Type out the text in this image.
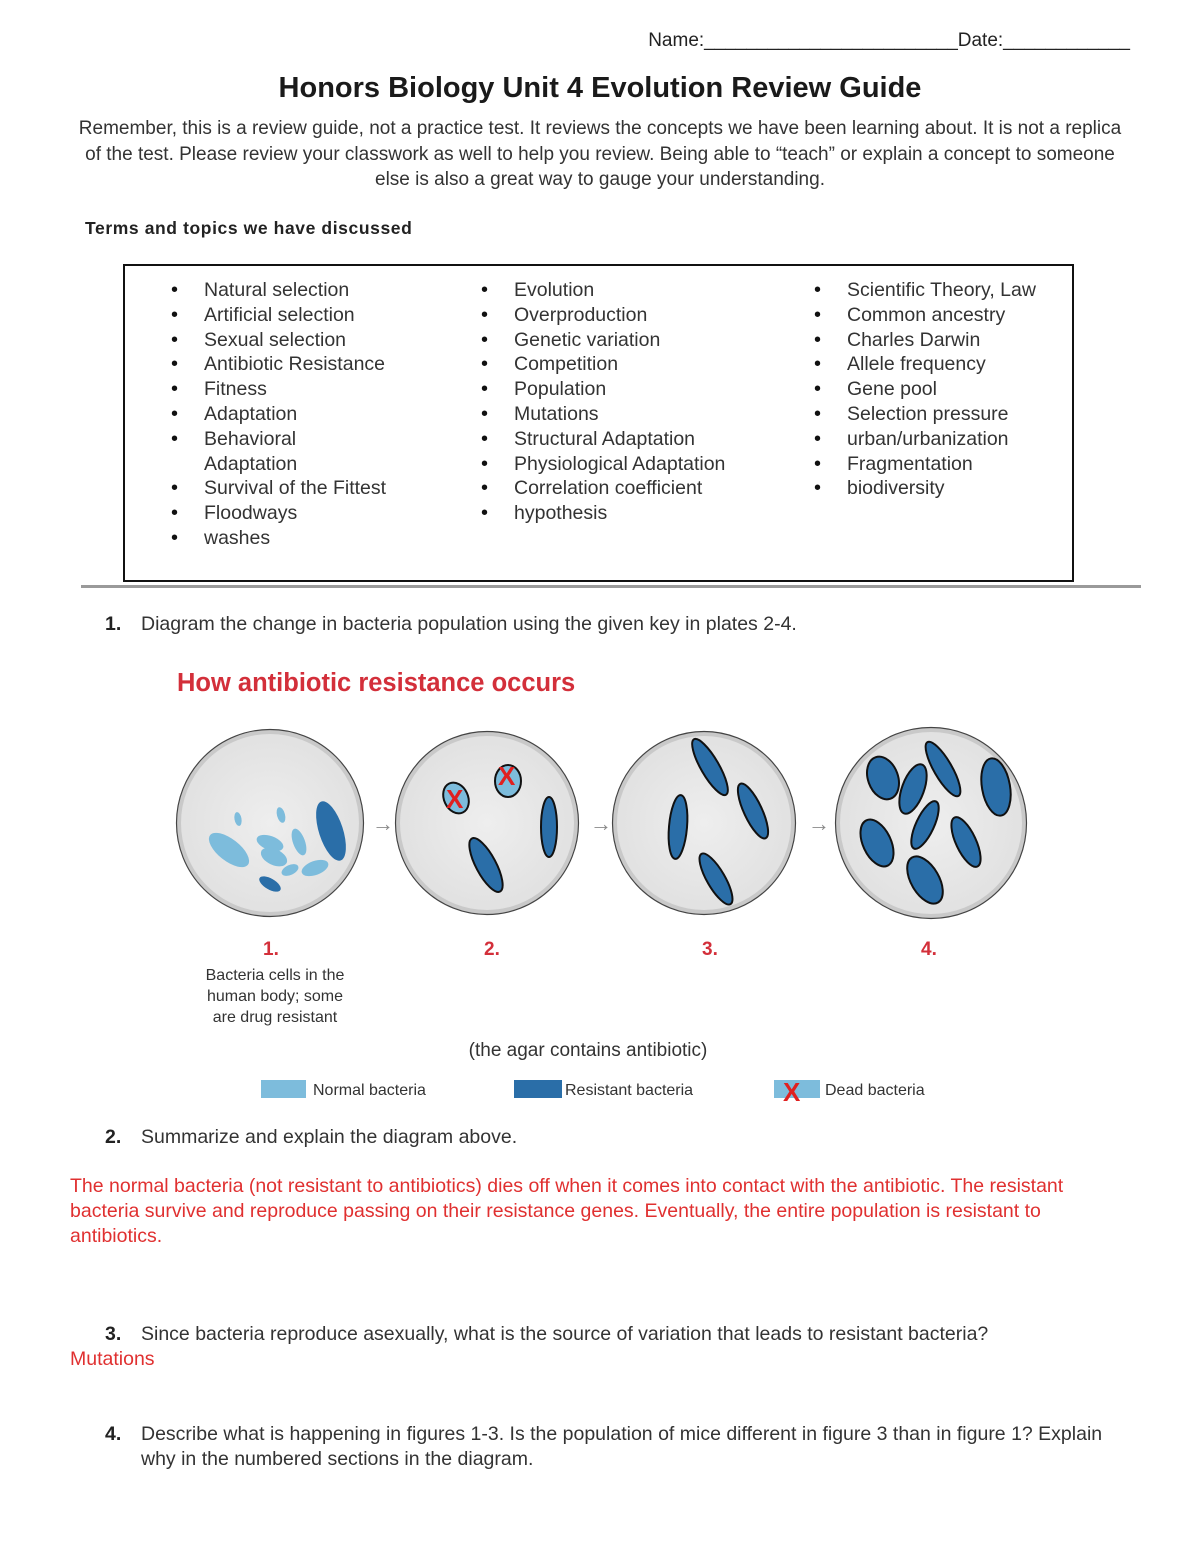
Name:________________________Date:____________
Honors Biology Unit 4 Evolution Review Guide
Remember, this is a review guide, not a practice test. It reviews the concepts we have been learning about. It is not a replica of the test. Please review your classwork as well to help you review. Being able to “teach” or explain a concept to someone else is also a great way to gauge your understanding.
Terms and topics we have discussed
• Natural selection
• Artificial selection
• Sexual selection
• Antibiotic Resistance
• Fitness
• Adaptation
• Behavioral Adaptation
• Survival of the Fittest
• Floodways
• washes
• Evolution
• Overproduction
• Genetic variation
• Competition
• Population
• Mutations
• Structural Adaptation
• Physiological Adaptation
• Correlation coefficient
• hypothesis
• Scientific Theory, Law
• Common ancestry
• Charles Darwin
• Allele frequency
• Gene pool
• Selection pressure
• urban/urbanization
• Fragmentation
• biodiversity
1. Diagram the change in bacteria population using the given key in plates 2-4.
How antibiotic resistance occurs
→
X
X
→	→
1.	2.	3.	4.
Bacteria cells in the
human body; some
are drug resistant
(the agar contains antibiotic)
Normal bacteria	Resistant bacteria	X Dead bacteria
2. Summarize and explain the diagram above.
The normal bacteria (not resistant to antibiotics) dies off when it comes into contact with the antibiotic. The resistant bacteria survive and reproduce passing on their resistance genes. Eventually, the entire population is resistant to antibiotics.
3. Since bacteria reproduce asexually, what is the source of variation that leads to resistant bacteria?
Mutations
4. Describe what is happening in figures 1-3. Is the population of mice different in figure 3 than in figure 1? Explain why in the numbered sections in the diagram.
